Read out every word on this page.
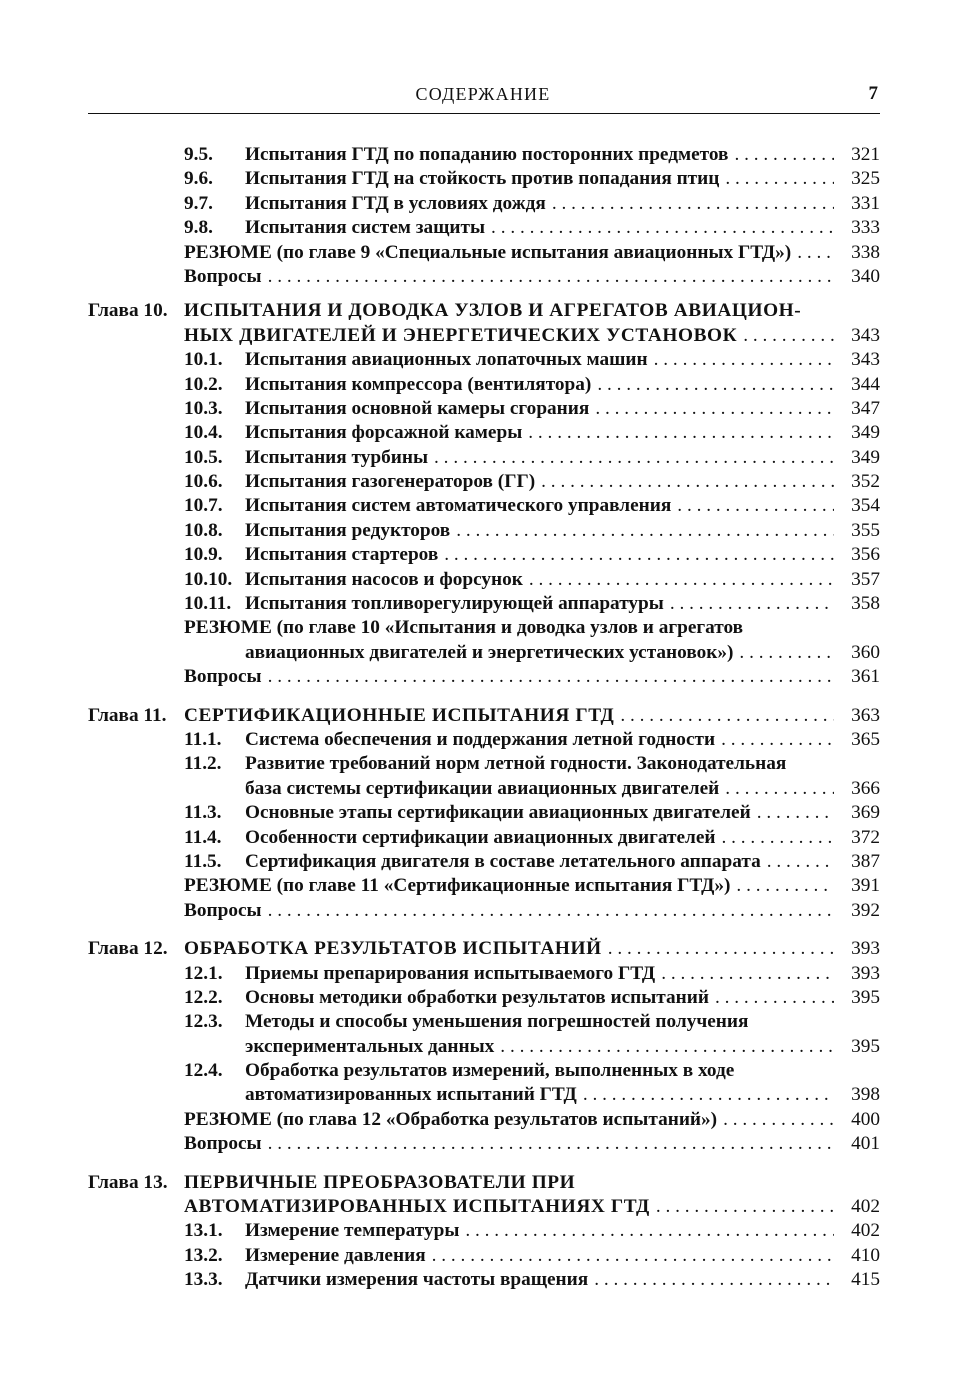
СОДЕРЖАНИЕ	7
9.5. Испытания ГТД по попаданию посторонних предметов . . .	321
9.6. Испытания ГТД на стойкость против попадания птиц . . .	325
9.7. Испытания ГТД в условиях дождя . . .	331
9.8. Испытания систем защиты . . .	333
РЕЗЮМЕ (по главе 9 «Специальные испытания авиационных ГТД») . . .	338
Вопросы . . .	340
Глава 10. ИСПЫТАНИЯ И ДОВОДКА УЗЛОВ И АГРЕГАТОВ АВИАЦИОН-
НЫХ ДВИГАТЕЛЕЙ И ЭНЕРГЕТИЧЕСКИХ УСТАНОВОК . . .	343
10.1. Испытания авиационных лопаточных машин . . .	343
10.2. Испытания компрессора (вентилятора) . . .	344
10.3. Испытания основной камеры сгорания . . .	347
10.4. Испытания форсажной камеры . . .	349
10.5. Испытания турбины . . .	349
10.6. Испытания газогенераторов (ГГ) . . .	352
10.7. Испытания систем автоматического управления . . .	354
10.8. Испытания редукторов . . .	355
10.9. Испытания стартеров . . .	356
10.10. Испытания насосов и форсунок . . .	357
10.11. Испытания топливорегулирующей аппаратуры . . .	358
РЕЗЮМЕ (по главе 10 «Испытания и доводка узлов и агрегатов
авиационных двигателей и энергетических установок») . . .	360
Вопросы . . .	361
Глава 11. СЕРТИФИКАЦИОННЫЕ ИСПЫТАНИЯ ГТД . . .	363
11.1. Система обеспечения и поддержания летной годности . . .	365
11.2. Развитие требований норм летной годности. Законодательная
база системы сертификации авиационных двигателей . . .	366
11.3. Основные этапы сертификации авиационных двигателей . . .	369
11.4. Особенности сертификации авиационных двигателей . . .	372
11.5. Сертификация двигателя в составе летательного аппарата . . .	387
РЕЗЮМЕ (по главе 11 «Сертификационные испытания ГТД») . . .	391
Вопросы . . .	392
Глава 12. ОБРАБОТКА РЕЗУЛЬТАТОВ ИСПЫТАНИЙ . . .	393
12.1. Приемы препарирования испытываемого ГТД . . .	393
12.2. Основы методики обработки результатов испытаний . . .	395
12.3. Методы и способы уменьшения погрешностей получения
экспериментальных данных . . .	395
12.4. Обработка результатов измерений, выполненных в ходе
автоматизированных испытаний ГТД . . .	398
РЕЗЮМЕ (по глава 12 «Обработка результатов испытаний») . . .	400
Вопросы . . .	401
Глава 13. ПЕРВИЧНЫЕ ПРЕОБРАЗОВАТЕЛИ ПРИ
АВТОМАТИЗИРОВАННЫХ ИСПЫТАНИЯХ ГТД . . .	402
13.1. Измерение температуры . . .	402
13.2. Измерение давления . . .	410
13.3. Датчики измерения частоты вращения . . .	415
